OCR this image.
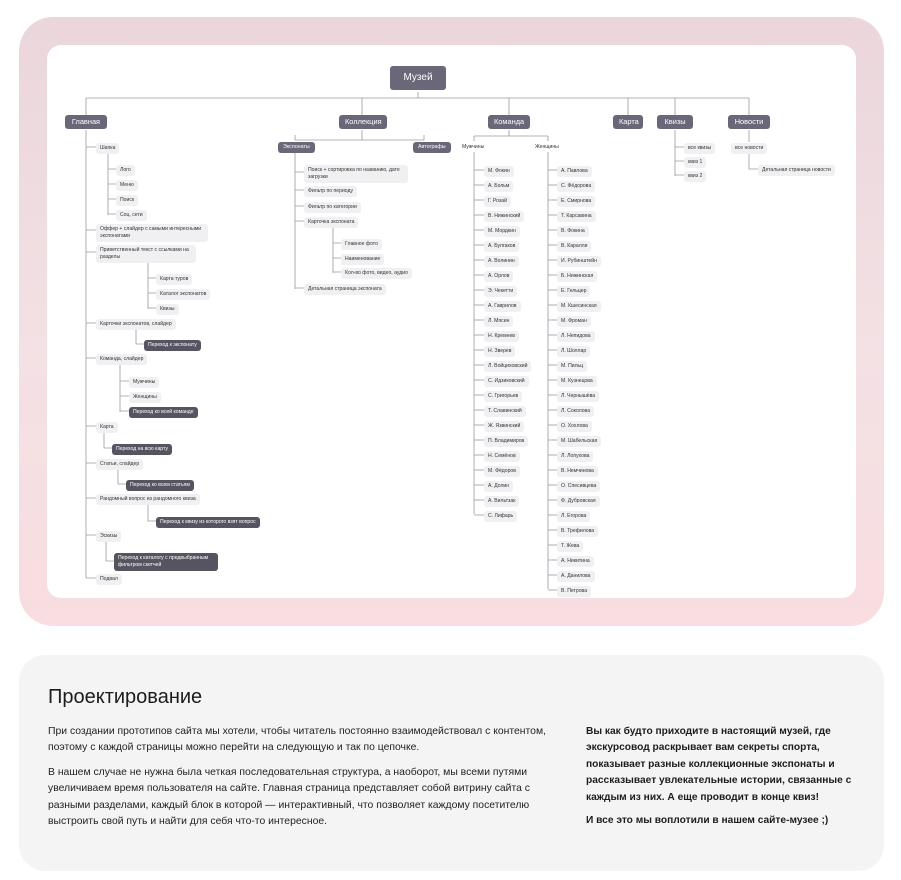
Музей
Главная	Коллекция	Команда	Карта	Квизы	Новости
Шапка
Лого
Меню
Поиск
Соц. сети
Оффер + слайдер с самыми интересными экспонатами
Приветственный текст с ссылками на разделы
Карта туров
Каталог экспонатов
Квизы
Карточки экспонатов, слайдер
Переход к экспонату
Команда, слайдер
Мужчины
Женщины
Переход ко всей команде
Карта
Переход на всю карту
Статьи, слайдер
Переход ко всем статьям
Рандомный вопрос из рандомного квиза
Переход к квизу из которого взят вопрос
Эскизы
Переход к каталогу с предвыбранным фильтром скетчей
Подвал
Экспонаты	Автографы
Поиск + сортировка по названию, дате загрузки
Фильтр по периоду
Фильтр по категории
Карточка экспоната
Главное фото
Наименование
Кол-во фото, видео, аудио
Детальная страница экспоната
Мужчины	Женщины
М. Фокин
А. Больм
Г. Розай
В. Нижинский
М. Мордкин
А. Булгаков
А. Волинин
А. Орлов
Э. Чекетти
А. Гаврилов
Л. Мясин
Н. Кремнев
Н. Зверев
Л. Войциховский
С. Идзиковский
С. Григорьев
Т. Славинский
Ж. Язвинский
П. Владимиров
Н. Семёнов
М. Фёдоров
А. Долин
А. Вильтзак
С. Лифарь
А. Павлова
С. Фёдорова
Е. Смирнова
Т. Карсавина
В. Фокина
В. Каралли
И. Рубинштейн
Б. Нижинская
Е. Гельцер
М. Кшесинская
М. Фроман
Л. Непидова
Л. Шоллар
М. Пильц
М. Кузнецова
Л. Чернышёва
Л. Соколова
О. Хохлова
М. Шабельская
Л. Лопухова
В. Немчинова
О. Спесивцева
Ф. Дубровская
Л. Егорова
В. Трефилова
Т. Жева
А. Никитина
А. Данилова
В. Петрова
все квизы
квиз 1
квиз 2
все новости
Детальная страница новости
Проектирование

При создании прототипов сайта мы хотели, чтобы читатель постоянно взаимодействовал с контентом, поэтому с каждой страницы можно перейти на следующую и так по цепочке.

В нашем случае не нужна была четкая последовательная структура, а наоборот, мы всеми путями увеличиваем время пользователя на сайте. Главная страница представляет собой витрину сайта с разными разделами, каждый блок в которой — интерактивный, что позволяет каждому посетителю выстроить свой путь и найти для себя что-то интересное.

Вы как будто приходите в настоящий музей, где экскурсовод раскрывает вам секреты спорта, показывает разные коллекционные экспонаты и рассказывает увлекательные истории, связанные с каждым из них. А еще проводит в конце квиз!

И все это мы воплотили в нашем сайте-музее ;)
